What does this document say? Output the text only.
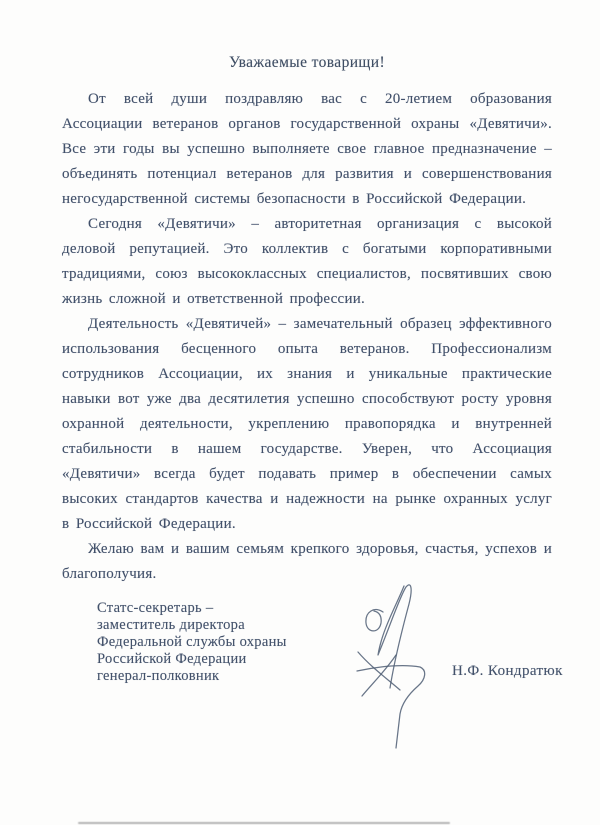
Уважаемые товарищи!

От всей души поздравляю вас с 20-летием образования Ассоциации ветеранов органов государственной охраны «Девятичи». Все эти годы вы успешно выполняете свое главное предназначение – объединять потенциал ветеранов для развития и совершенствования негосударственной системы безопасности в Российской Федерации.

Сегодня «Девятичи» – авторитетная организация с высокой деловой репутацией. Это коллектив с богатыми корпоративными традициями, союз высококлассных специалистов, посвятивших свою жизнь сложной и ответственной профессии.

Деятельность «Девятичей» – замечательный образец эффективного использования бесценного опыта ветеранов. Профессионализм сотрудников Ассоциации, их знания и уникальные практические навыки вот уже два десятилетия успешно способствуют росту уровня охранной деятельности, укреплению правопорядка и внутренней стабильности в нашем государстве. Уверен, что Ассоциация «Девятичи» всегда будет подавать пример в обеспечении самых высоких стандартов качества и надежности на рынке охранных услуг в Российской Федерации.

Желаю вам и вашим семьям крепкого здоровья, счастья, успехов и благополучия.

Статс-секретарь –
заместитель директора
Федеральной службы охраны
Российской Федерации
генерал-полковник	Н.Ф. Кондратюк
